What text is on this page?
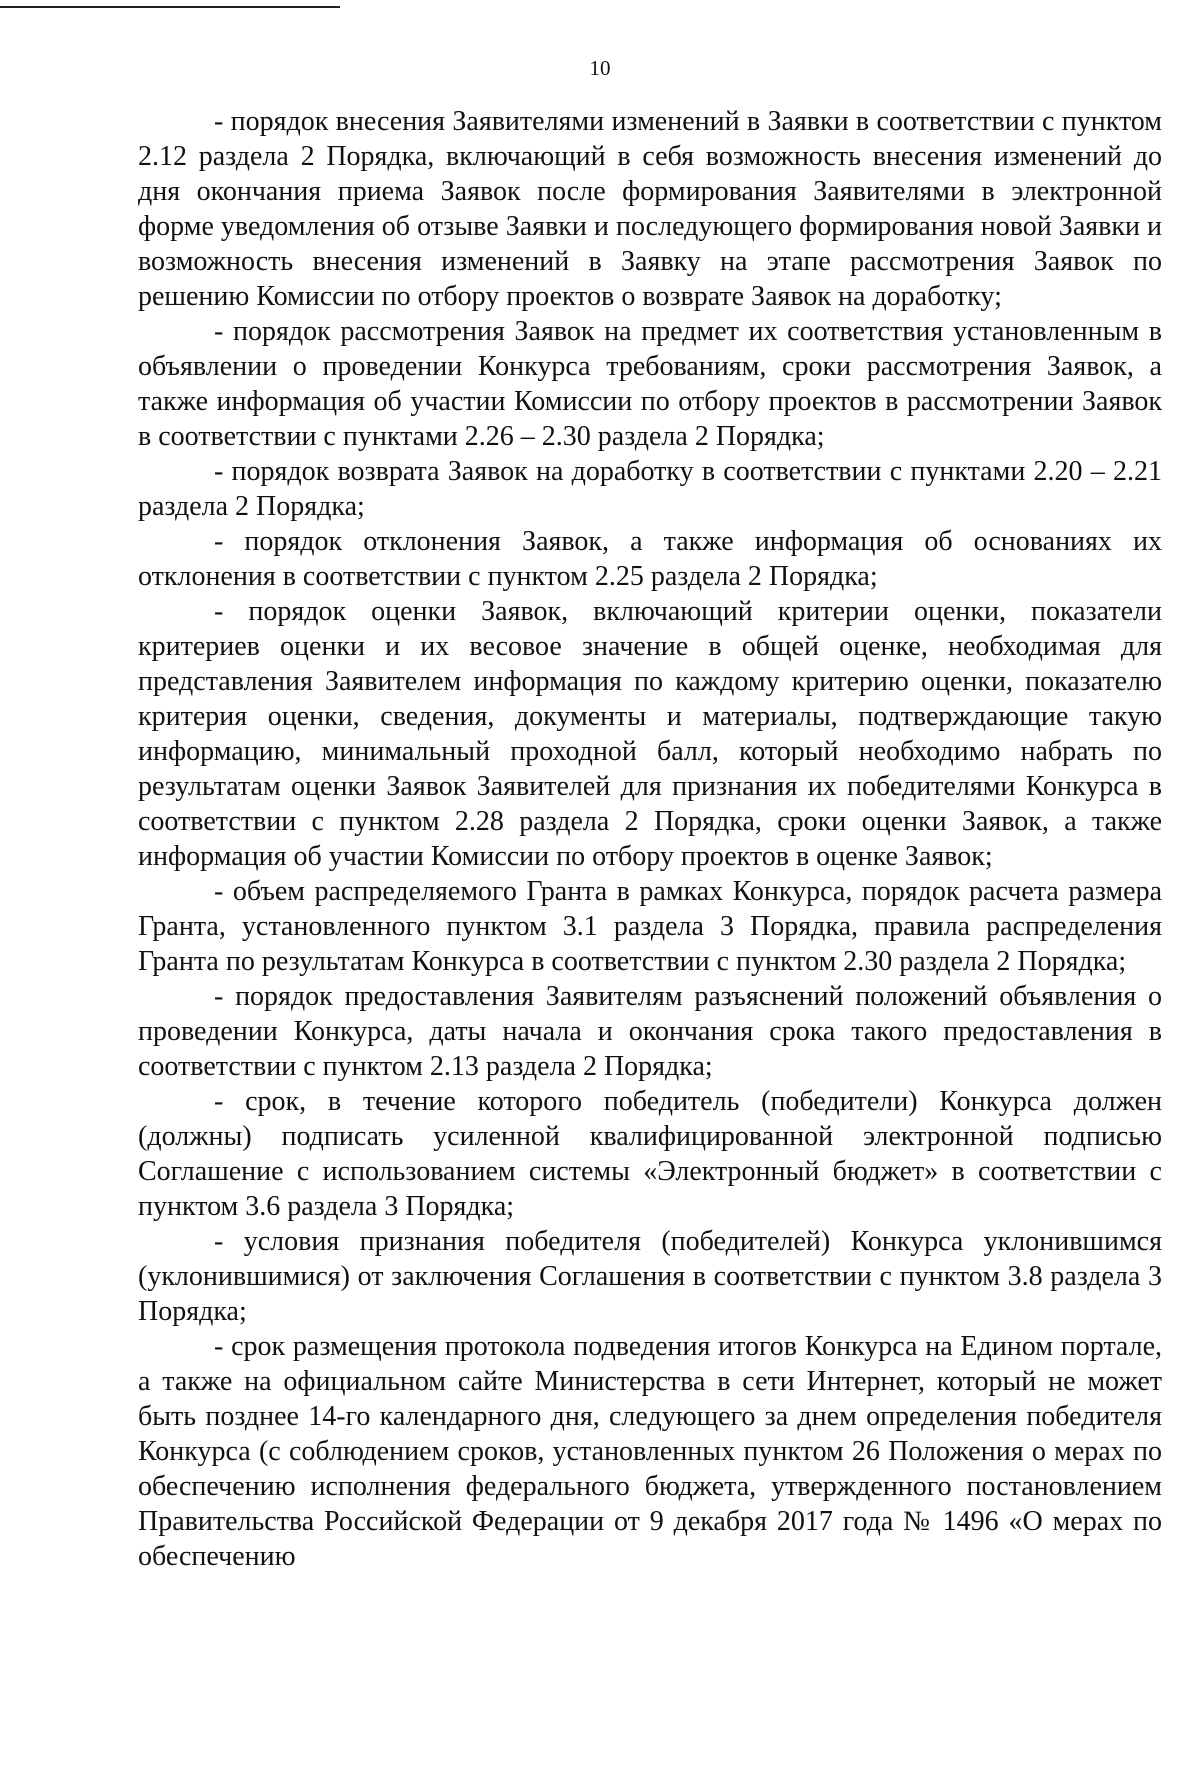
10

- порядок внесения Заявителями изменений в Заявки в соответствии с пунктом 2.12 раздела 2 Порядка, включающий в себя возможность внесения изменений до дня окончания приема Заявок после формирования Заявителями в электронной форме уведомления об отзыве Заявки и последующего формирования новой Заявки и возможность внесения изменений в Заявку на этапе рассмотрения Заявок по решению Комиссии по отбору проектов о возврате Заявок на доработку;

- порядок рассмотрения Заявок на предмет их соответствия установленным в объявлении о проведении Конкурса требованиям, сроки рассмотрения Заявок, а также информация об участии Комиссии по отбору проектов в рассмотрении Заявок в соответствии с пунктами 2.26 – 2.30 раздела 2 Порядка;

- порядок возврата Заявок на доработку в соответствии с пунктами 2.20 – 2.21 раздела 2 Порядка;

- порядок отклонения Заявок, а также информация об основаниях их отклонения в соответствии с пунктом 2.25 раздела 2 Порядка;

- порядок оценки Заявок, включающий критерии оценки, показатели критериев оценки и их весовое значение в общей оценке, необходимая для представления Заявителем информация по каждому критерию оценки, показателю критерия оценки, сведения, документы и материалы, подтверждающие такую информацию, минимальный проходной балл, который необходимо набрать по результатам оценки Заявок Заявителей для признания их победителями Конкурса в соответствии с пунктом 2.28 раздела 2 Порядка, сроки оценки Заявок, а также информация об участии Комиссии по отбору проектов в оценке Заявок;

- объем распределяемого Гранта в рамках Конкурса, порядок расчета размера Гранта, установленного пунктом 3.1 раздела 3 Порядка, правила распределения Гранта по результатам Конкурса в соответствии с пунктом 2.30 раздела 2 Порядка;

- порядок предоставления Заявителям разъяснений положений объявления о проведении Конкурса, даты начала и окончания срока такого предоставления в соответствии с пунктом 2.13 раздела 2 Порядка;

- срок, в течение которого победитель (победители) Конкурса должен (должны) подписать усиленной квалифицированной электронной подписью Соглашение с использованием системы «Электронный бюджет» в соответствии с пунктом 3.6 раздела 3 Порядка;

- условия признания победителя (победителей) Конкурса уклонившимся (уклонившимися) от заключения Соглашения в соответствии с пунктом 3.8 раздела 3 Порядка;

- срок размещения протокола подведения итогов Конкурса на Едином портале, а также на официальном сайте Министерства в сети Интернет, который не может быть позднее 14-го календарного дня, следующего за днем определения победителя Конкурса (с соблюдением сроков, установленных пунктом 26 Положения о мерах по обеспечению исполнения федерального бюджета, утвержденного постановлением Правительства Российской Федерации от 9 декабря 2017 года № 1496 «О мерах по обеспечению
